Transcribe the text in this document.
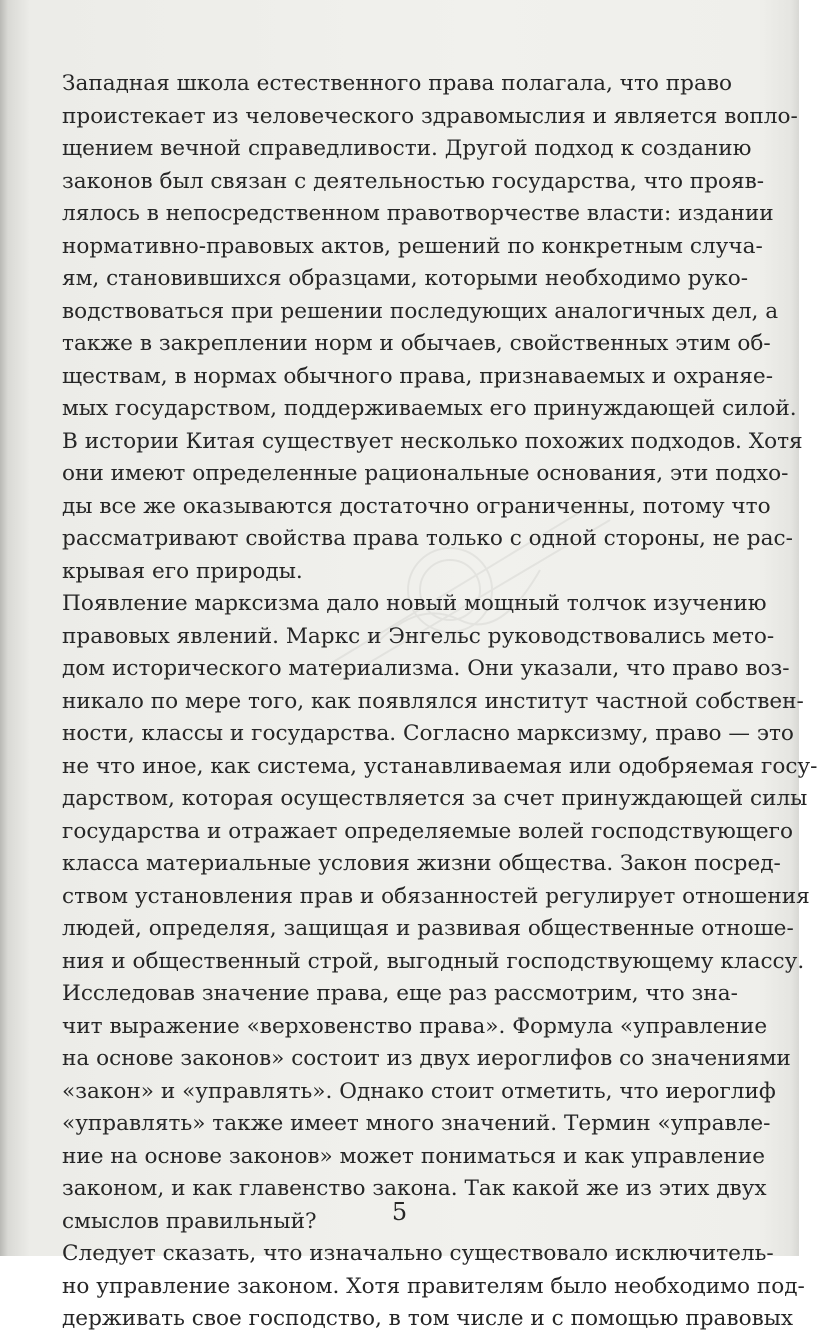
Западная школа естественного права полагала, что право
проистекает из человеческого здравомыслия и является вопло-
щением вечной справедливости. Другой подход к созданию
законов был связан с деятельностью государства, что прояв-
лялось в непосредственном правотворчестве власти: издании
нормативно-правовых актов, решений по конкретным случа-
ям, становившихся образцами, которыми необходимо руко-
водствоваться при решении последующих аналогичных дел, а
также в закреплении норм и обычаев, свойственных этим об-
ществам, в нормах обычного права, признаваемых и охраняе-
мых государством, поддерживаемых его принуждающей силой.
В истории Китая существует несколько похожих подходов. Хотя
они имеют определенные рациональные основания, эти подхо-
ды все же оказываются достаточно ограниченны, потому что
рассматривают свойства права только с одной стороны, не рас-
крывая его природы.
Появление марксизма дало новый мощный толчок изучению
правовых явлений. Маркс и Энгельс руководствовались мето-
дом исторического материализма. Они указали, что право воз-
никало по мере того, как появлялся институт частной собствен-
ности, классы и государства. Согласно марксизму, право — это
не что иное, как система, устанавливаемая или одобряемая госу-
дарством, которая осуществляется за счет принуждающей силы
государства и отражает определяемые волей господствующего
класса материальные условия жизни общества. Закон посред-
ством установления прав и обязанностей регулирует отношения
людей, определяя, защищая и развивая общественные отноше-
ния и общественный строй, выгодный господствующему классу.
Исследовав значение права, еще раз рассмотрим, что зна-
чит выражение «верховенство права». Формула «управление
на основе законов» состоит из двух иероглифов со значениями
«закон» и «управлять». Однако стоит отметить, что иероглиф
«управлять» также имеет много значений. Термин «управле-
ние на основе законов» может пониматься и как управление
законом, и как главенство закона. Так какой же из этих двух
смыслов правильный?
Следует сказать, что изначально существовало исключитель-
но управление законом. Хотя правителям было необходимо под-
держивать свое господство, в том числе и с помощью правовых
5
